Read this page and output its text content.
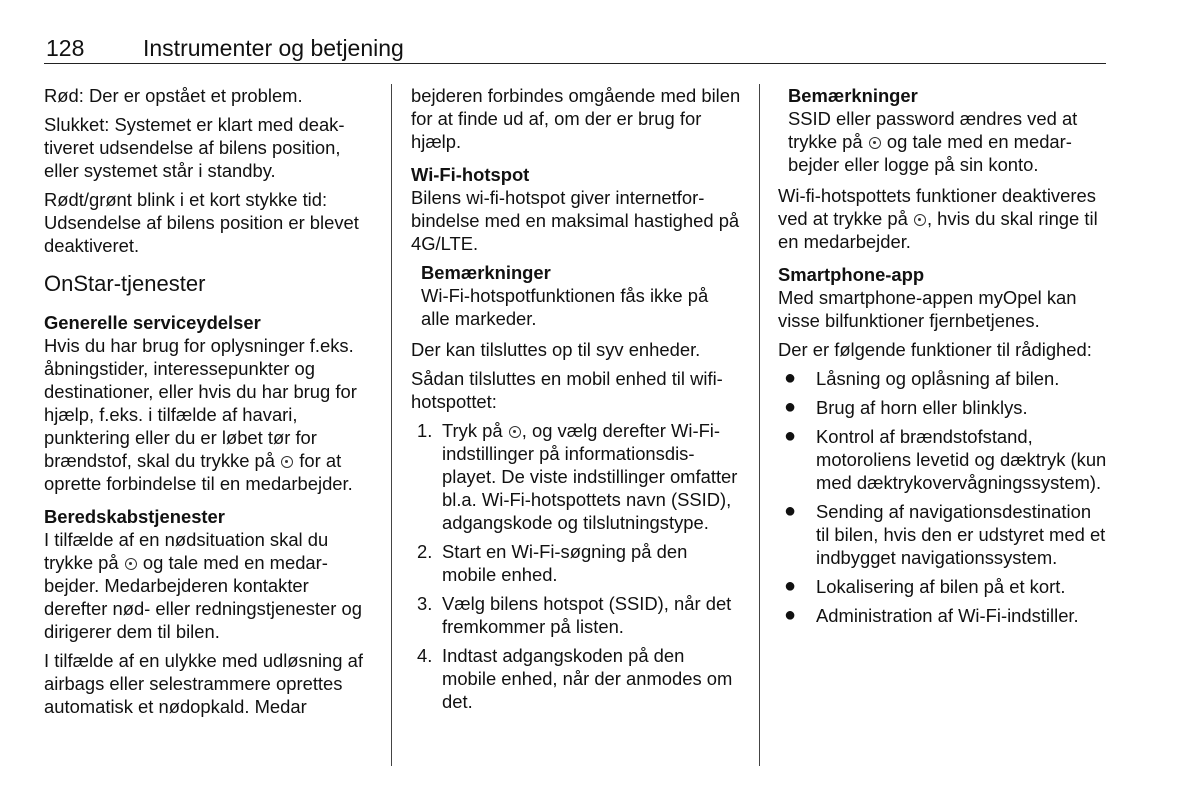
128	Instrumenter og betjening

Rød: Der er opstået et problem.

Slukket: Systemet er klart med deaktiveret udsendelse af bilens position, eller systemet står i standby.

Rødt/grønt blink i et kort stykke tid: Udsendelse af bilens position er blevet deaktiveret.

OnStar-tjenester
Generelle serviceydelser

Hvis du har brug for oplysninger f.eks. åbningstider, interessepunkter og destinationer, eller hvis du har brug for hjælp, f.eks. i tilfælde af havari, punktering eller du er løbet tør for brændstof, skal du trykke på for at oprette forbindelse til en medarbejder.

Beredskabstjenester

I tilfælde af en nødsituation skal du trykke på og tale med en medarbejder. Medarbejderen kontakter derefter nød- eller redningstjenester og dirigerer dem til bilen.

I tilfælde af en ulykke med udløsning af airbags eller selestrammere oprettes automatisk et nødopkald. Medar

bejderen forbindes omgående med bilen for at finde ud af, om der er brug for hjælp.

Wi-Fi-hotspot

Bilens wi-fi-hotspot giver internetforbindelse med en maksimal hastighed på 4G/LTE.

Bemærkninger
Wi-Fi-hotspotfunktionen fås ikke på alle markeder.

Der kan tilsluttes op til syv enheder.

Sådan tilsluttes en mobil enhed til wifi-hotspottet:

1. Tryk på , og vælg derefter Wi-Fi-indstillinger på informationsdisplayet. De viste indstillinger omfatter bl.a. Wi-Fi-hotspottets navn (SSID), adgangskode og tilslutningstype.
2. Start en Wi-Fi-søgning på den mobile enhed.
3. Vælg bilens hotspot (SSID), når det fremkommer på listen.
4. Indtast adgangskoden på den mobile enhed, når der anmodes om det.
Bemærkninger
SSID eller password ændres ved at trykke på og tale med en medarbejder eller logge på sin konto.

Wi-fi-hotspottets funktioner deaktiveres ved at trykke på , hvis du skal ringe til en medarbejder.

Smartphone-app

Med smartphone-appen myOpel kan visse bilfunktioner fjernbetjenes.

Der er følgende funktioner til rådighed:

● Låsning og oplåsning af bilen.
● Brug af horn eller blinklys.
● Kontrol af brændstofstand, motoroliens levetid og dæktryk (kun med dæktrykovervågningssystem).
● Sending af navigationsdestination til bilen, hvis den er udstyret med et indbygget navigationssystem.
● Lokalisering af bilen på et kort.
● Administration af Wi-Fi-indstiller.
